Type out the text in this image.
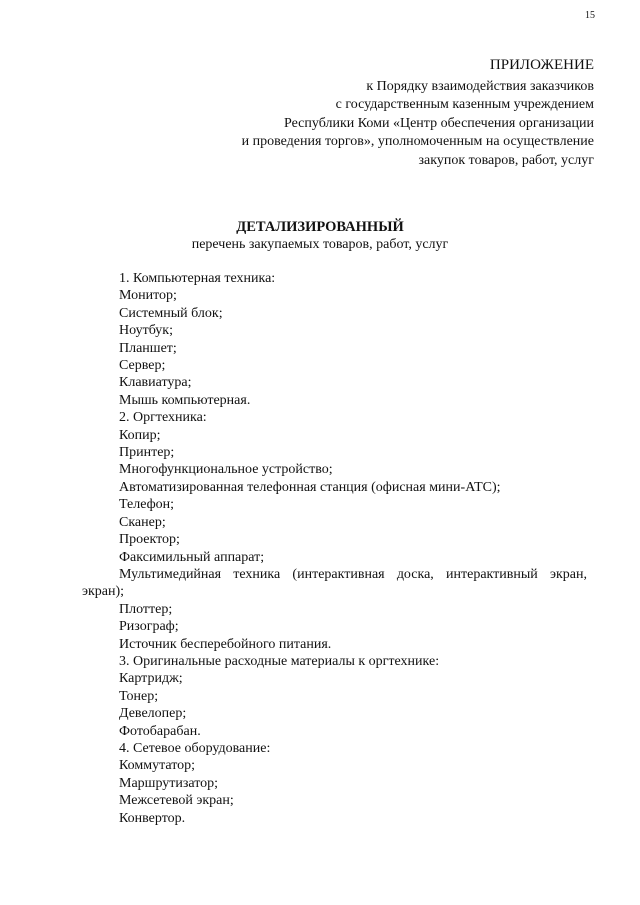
15
ПРИЛОЖЕНИЕ
к Порядку взаимодействия заказчиков
с государственным казенным учреждением
Республики Коми «Центр обеспечения организации
и проведения торгов», уполномоченным на осуществление
закупок товаров, работ, услуг
ДЕТАЛИЗИРОВАННЫЙ
перечень закупаемых товаров, работ, услуг
1. Компьютерная техника:
Монитор;
Системный блок;
Ноутбук;
Планшет;
Сервер;
Клавиатура;
Мышь компьютерная.
2. Оргтехника:
Копир;
Принтер;
Многофункциональное устройство;
Автоматизированная телефонная станция (офисная мини-АТС);
Телефон;
Сканер;
Проектор;
Факсимильный аппарат;
Мультимедийная техника (интерактивная доска, интерактивный экран, экран);
Плоттер;
Ризограф;
Источник бесперебойного питания.
3. Оригинальные расходные материалы к оргтехнике:
Картридж;
Тонер;
Девелопер;
Фотобарабан.
4. Сетевое оборудование:
Коммутатор;
Маршрутизатор;
Межсетевой экран;
Конвертор.
